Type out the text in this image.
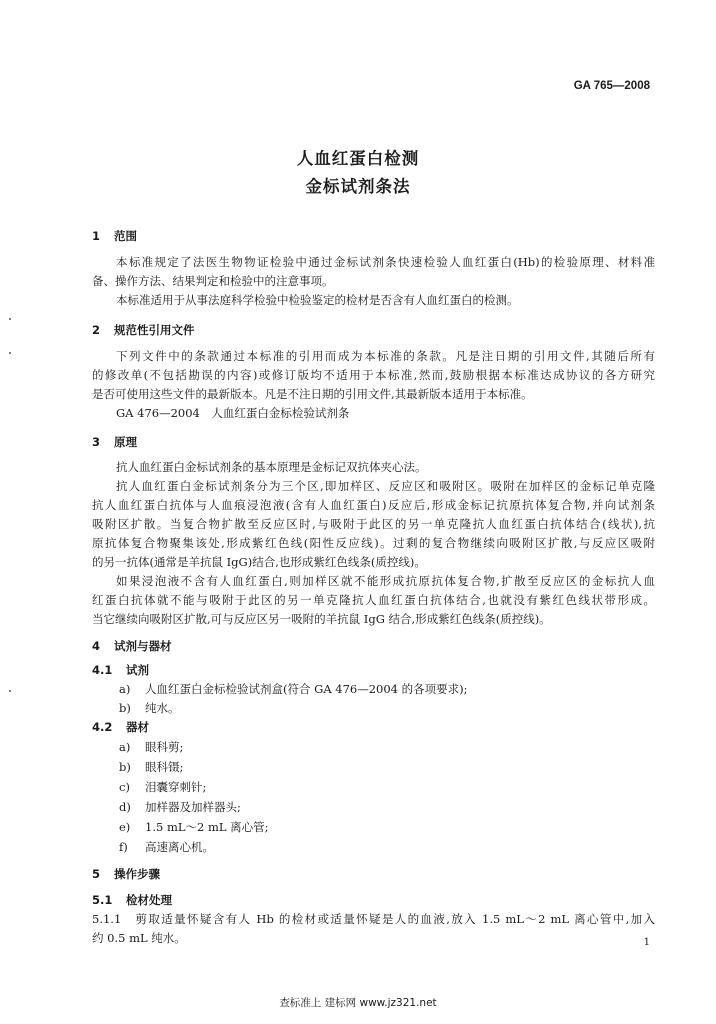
GA 765—2008
人血红蛋白检测
金标试剂条法
1 范围
本标准规定了法医生物物证检验中通过金标试剂条快速检验人血红蛋白(Hb)的检验原理、材料准
备、操作方法、结果判定和检验中的注意事项。
本标准适用于从事法庭科学检验中检验鉴定的检材是否含有人血红蛋白的检测。
2 规范性引用文件
下列文件中的条款通过本标准的引用而成为本标准的条款。凡是注日期的引用文件,其随后所有
的修改单(不包括勘误的内容)或修订版均不适用于本标准,然而,鼓励根据本标准达成协议的各方研究
是否可使用这些文件的最新版本。凡是不注日期的引用文件,其最新版本适用于本标准。
GA 476—2004　人血红蛋白金标检验试剂条
3 原理
抗人血红蛋白金标试剂条的基本原理是金标记双抗体夹心法。
抗人血红蛋白金标试剂条分为三个区,即加样区、反应区和吸附区。吸附在加样区的金标记单克隆
抗人血红蛋白抗体与人血痕浸泡液(含有人血红蛋白)反应后,形成金标记抗原抗体复合物,并向试剂条
吸附区扩散。当复合物扩散至反应区时,与吸附于此区的另一单克隆抗人血红蛋白抗体结合(线状),抗
原抗体复合物聚集该处,形成紫红色线(阳性反应线)。过剩的复合物继续向吸附区扩散,与反应区吸附
的另一抗体(通常是羊抗鼠 IgG)结合,也形成紫红色线条(质控线)。
如果浸泡液不含有人血红蛋白,则加样区就不能形成抗原抗体复合物,扩散至反应区的金标抗人血
红蛋白抗体就不能与吸附于此区的另一单克隆抗人血红蛋白抗体结合,也就没有紫红色线状带形成。
当它继续向吸附区扩散,可与反应区另一吸附的羊抗鼠 IgG 结合,形成紫红色线条(质控线)。
4 试剂与器材
4.1 试剂
a) 人血红蛋白金标检验试剂盒(符合 GA 476—2004 的各项要求);
b) 纯水。
4.2 器材
a) 眼科剪;
b) 眼科镊;
c) 泪囊穿刺针;
d) 加样器及加样器头;
e) 1.5 mL～2 mL 离心管;
f) 高速离心机。
5 操作步骤
5.1 检材处理
5.1.1　剪取适量怀疑含有人 Hb 的检材或适量怀疑是人的血液,放入 1.5 mL～2 mL 离心管中,加入
约 0.5 mL 纯水。	1
查标准上 建标网 www.jz321.net
